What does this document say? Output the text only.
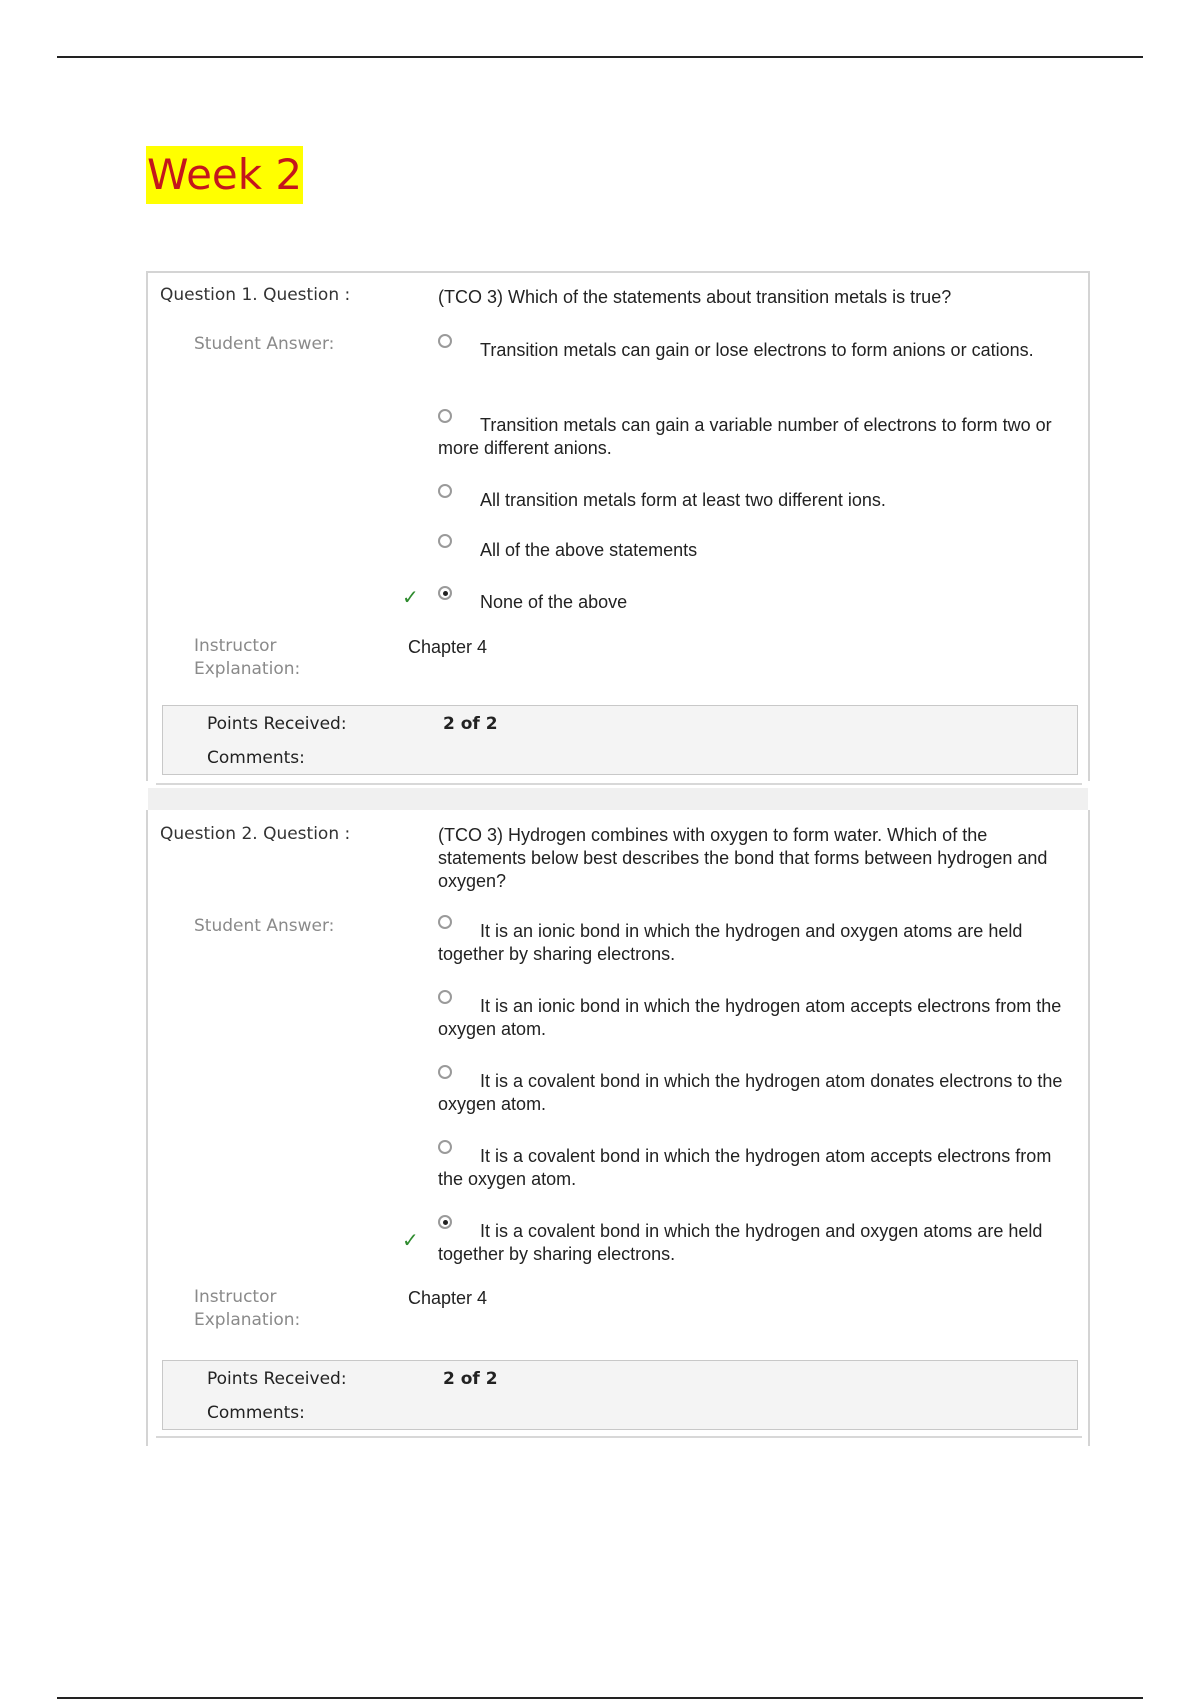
Week 2
Question 1. Question :	(TCO 3) Which of the statements about transition metals is true?
Student Answer:	Transition metals can gain or lose electrons to form anions or cations.
Transition metals can gain a variable number of electrons to form two or more different anions.
All transition metals form at least two different ions.
All of the above statements
✓	None of the above
Instructor Explanation:
Chapter 4
Points Received:	2 of 2
Comments:
Question 2. Question :	(TCO 3) Hydrogen combines with oxygen to form water. Which of the statements below best describes the bond that forms between hydrogen and oxygen?
Student Answer:	It is an ionic bond in which the hydrogen and oxygen atoms are held together by sharing electrons.
It is an ionic bond in which the hydrogen atom accepts electrons from the oxygen atom.
It is a covalent bond in which the hydrogen atom donates electrons to the oxygen atom.
It is a covalent bond in which the hydrogen atom accepts electrons from the oxygen atom.
✓	It is a covalent bond in which the hydrogen and oxygen atoms are held together by sharing electrons.
Instructor Explanation:
Chapter 4
Points Received:	2 of 2
Comments:
